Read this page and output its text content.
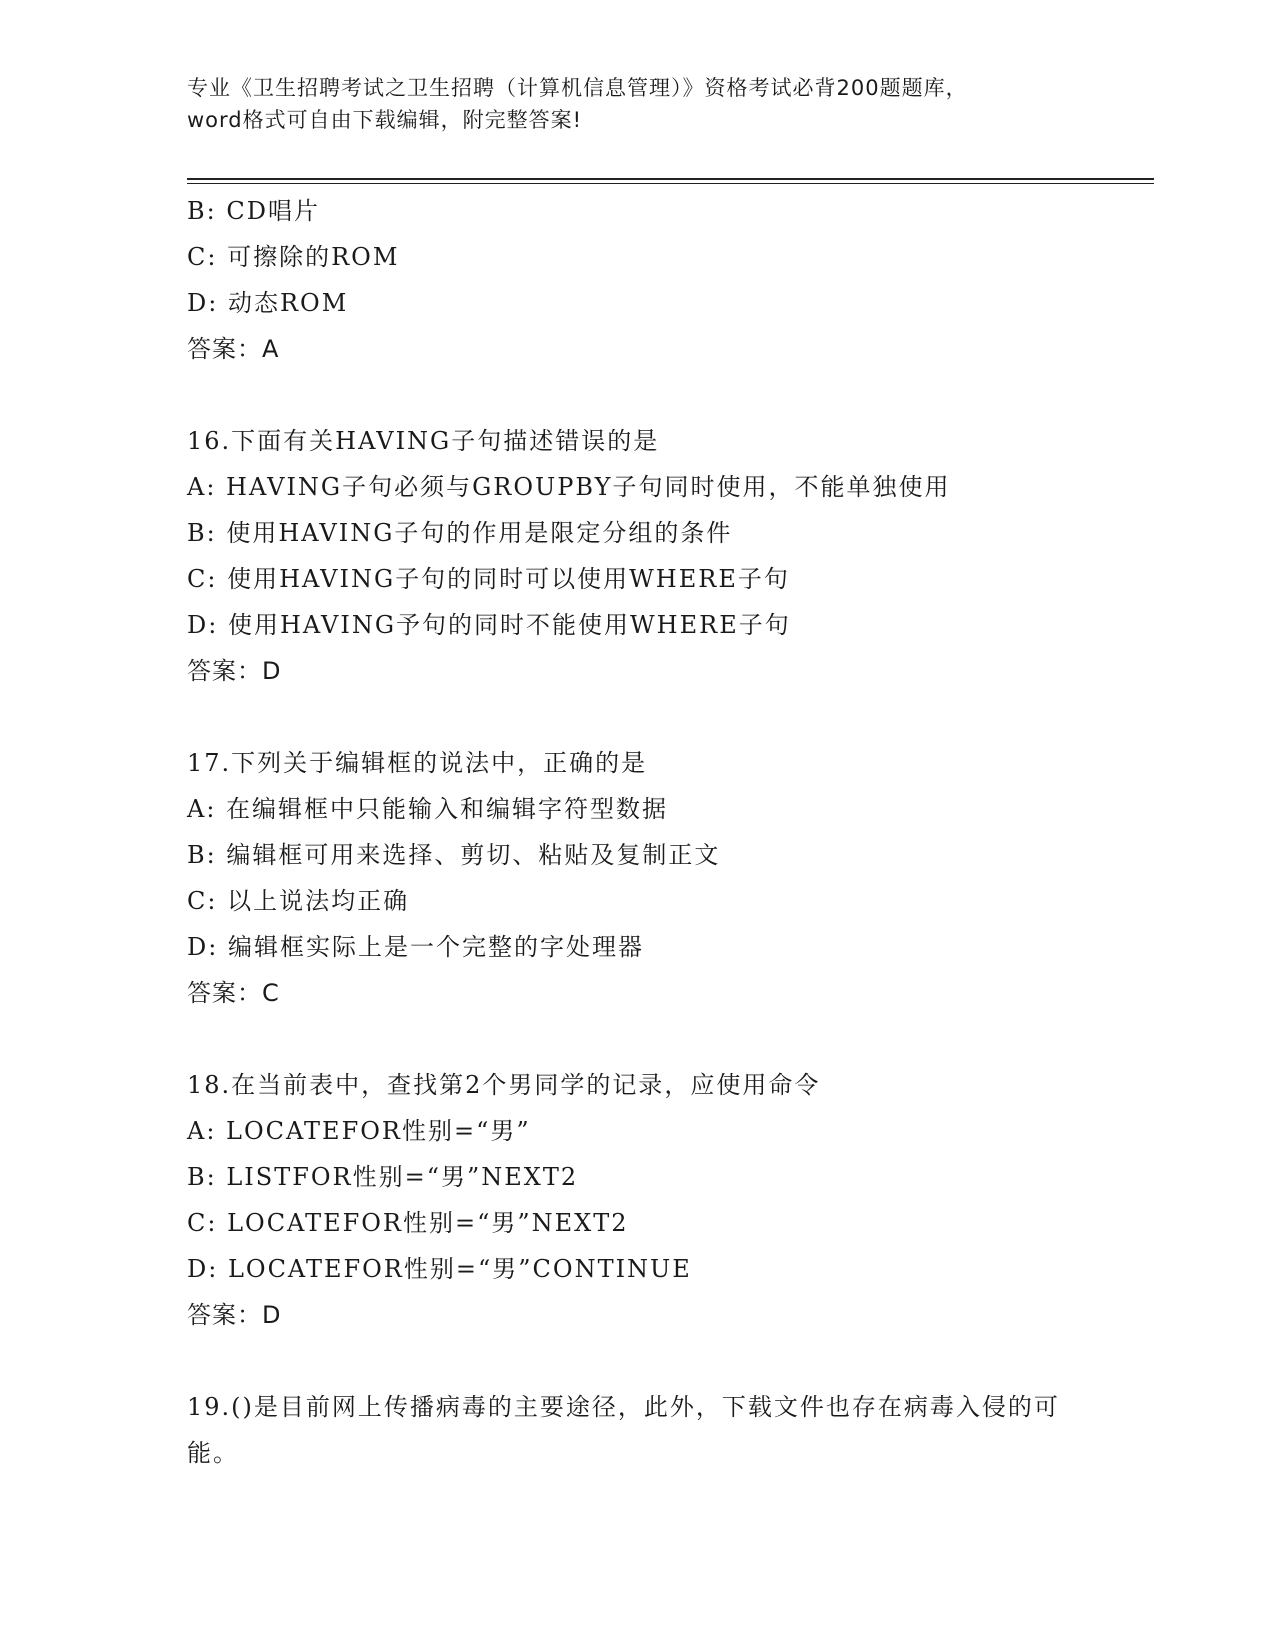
专业《卫生招聘考试之卫生招聘（计算机信息管理）》资格考试必背200题题库，

word格式可自由下载编辑，附完整答案!

B: CD唱片
C: 可擦除的ROM
D: 动态ROM
答案：A
16.下面有关HAVING子句描述错误的是
A: HAVING子句必须与GROUPBY子句同时使用，不能单独使用
B: 使用HAVING子句的作用是限定分组的条件
C: 使用HAVING子句的同时可以使用WHERE子句
D: 使用HAVING予句的同时不能使用WHERE子句
答案：D
17.下列关于编辑框的说法中，正确的是
A: 在编辑框中只能输入和编辑字符型数据
B: 编辑框可用来选择、剪切、粘贴及复制正文
C: 以上说法均正确
D: 编辑框实际上是一个完整的字处理器
答案：C
18.在当前表中，查找第2个男同学的记录，应使用命令
A: LOCATEFOR性别=“男”
B: LISTFOR性别=“男”NEXT2
C: LOCATEFOR性别=“男”NEXT2
D: LOCATEFOR性别=“男”CONTINUE
答案：D
19.()是目前网上传播病毒的主要途径，此外，下载文件也存在病毒入侵的可能。
